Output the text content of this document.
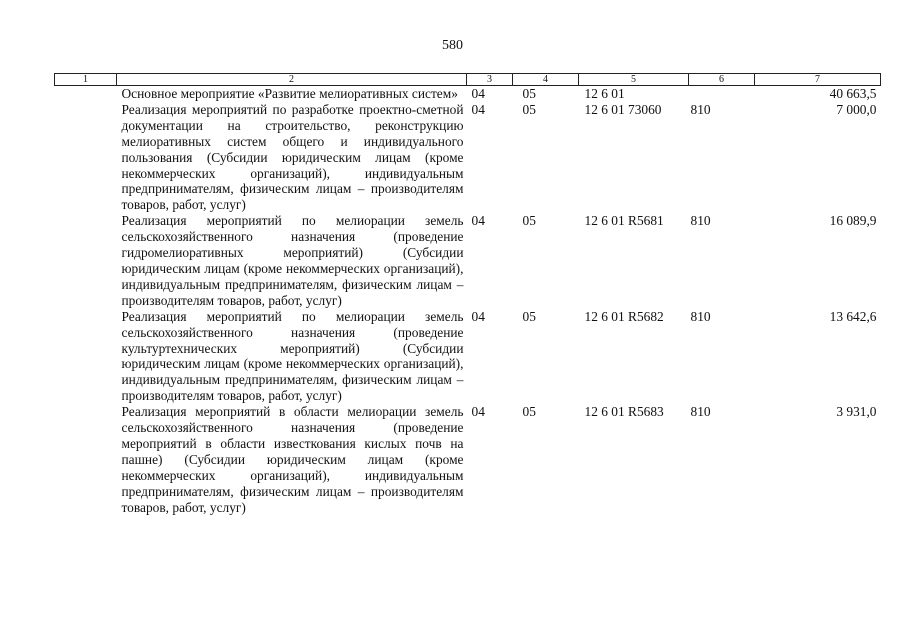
580
1	2	3	4	5	6	7
	Основное мероприятие «Развитие мелиоративных систем»	04	05	12 6 01		40 663,5
	Реализация мероприятий по разработке проектно-сметной документации на строительство, реконструкцию мелиоративных систем общего и индивидуального пользования (Субсидии юридическим лицам (кроме некоммерческих организаций), индивидуальным предпринимателям, физическим лицам – производителям товаров, работ, услуг)	04	05	12 6 01 73060	810	7 000,0
	Реализация мероприятий по мелиорации земель сельскохозяйственного назначения (проведение гидромелиоративных мероприятий) (Субсидии юридическим лицам (кроме некоммерческих организаций), индивидуальным предпринимателям, физическим лицам – производителям товаров, работ, услуг)	04	05	12 6 01 R5681	810	16 089,9
	Реализация мероприятий по мелиорации земель сельскохозяйственного назначения (проведение культуртехнических мероприятий) (Субсидии юридическим лицам (кроме некоммерческих организаций), индивидуальным предпринимателям, физическим лицам – производителям товаров, работ, услуг)	04	05	12 6 01 R5682	810	13 642,6
	Реализация мероприятий в области мелиорации земель сельскохозяйственного назначения (проведение мероприятий в области известкования кислых почв на пашне) (Субсидии юридическим лицам (кроме некоммерческих организаций), индивидуальным предпринимателям, физическим лицам – производителям товаров, работ, услуг)	04	05	12 6 01 R5683	810	3 931,0
